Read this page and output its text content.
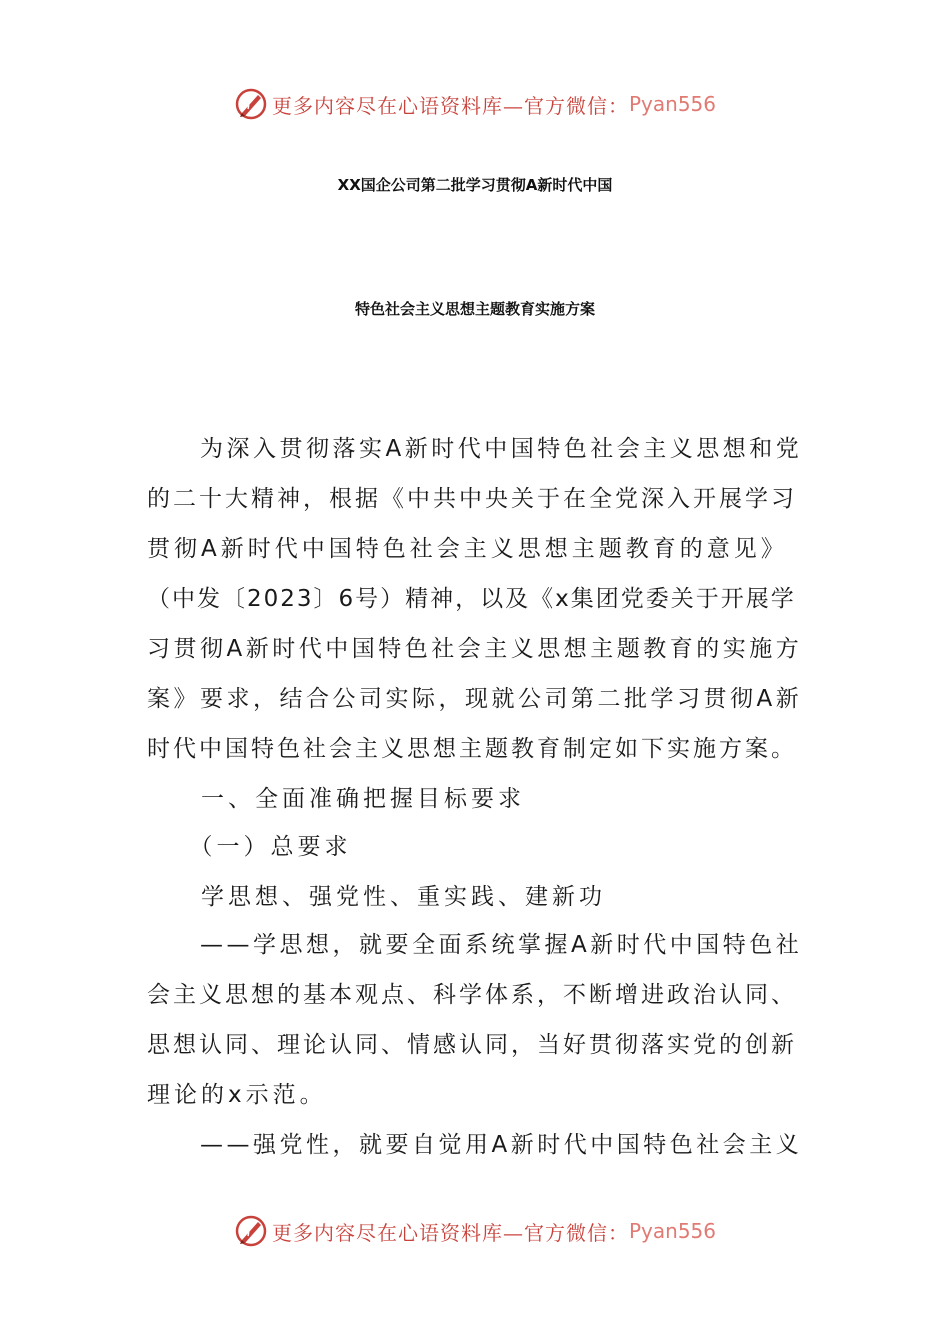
更多内容尽在心语资料库—官方微信： Pyan556
XX国企公司第二批学习贯彻A新时代中国
特色社会主义思想主题教育实施方案
　　为深入贯彻落实A新时代中国特色社会主义思想和党
的二十大精神，根据《中共中央关于在全党深入开展学习
贯彻A新时代中国特色社会主义思想主题教育的意见》
（中发〔2023〕6号）精神，以及《x集团党委关于开展学
习贯彻A新时代中国特色社会主义思想主题教育的实施方
案》要求，结合公司实际，现就公司第二批学习贯彻A新
时代中国特色社会主义思想主题教育制定如下实施方案。
　　一、全面准确把握目标要求
　　（一）总要求
　　学思想、强党性、重实践、建新功
　　——学思想，就要全面系统掌握A新时代中国特色社
会主义思想的基本观点、科学体系，不断增进政治认同、
思想认同、理论认同、情感认同，当好贯彻落实党的创新
理论的x示范。
　　——强党性，就要自觉用A新时代中国特色社会主义
更多内容尽在心语资料库—官方微信： Pyan556
